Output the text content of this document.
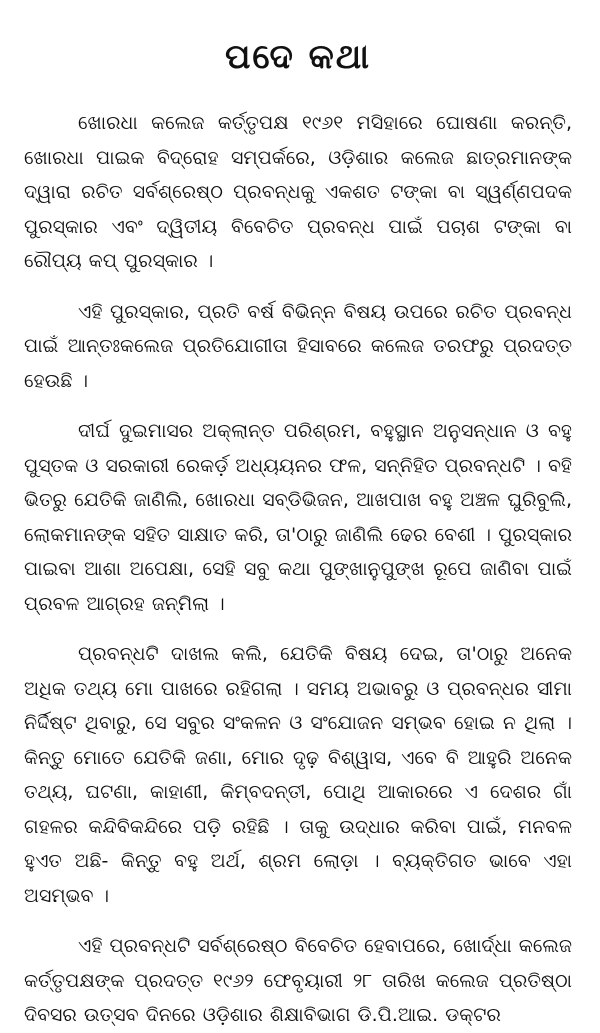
ପଦେ କଥା

ଖୋରଧା କଲେଜ କର୍ତ୍ତୃପକ୍ଷ ୧୯୬୧ ମସିହାରେ ଘୋଷଣା କରନ୍ତି, ଖୋରଧା ପାଇକ ବିଦ୍ରୋହ ସମ୍ପର୍କରେ, ଓଡ଼ିଶାର କଲେଜ ଛାତ୍ରମାନଙ୍କ ଦ୍ୱାରା ରଚିତ ସର୍ବଶ୍ରେଷ୍ଠ ପ୍ରବନ୍ଧକୁ ଏକଶତ ଟଙ୍କା ବା ସ୍ୱର୍ଣ୍ଣପଦକ ପୁରସ୍କାର ଏବଂ ଦ୍ୱିତୀୟ ବିବେଚିତ ପ୍ରବନ୍ଧ ପାଇଁ ପଚାଶ ଟଙ୍କା ବା ରୌପ୍ୟ କପ୍ ପୁରସ୍କାର ।

ଏହି ପୁରସ୍କାର, ପ୍ରତି ବର୍ଷ ବିଭିନ୍ନ ବିଷୟ ଉପରେ ରଚିତ ପ୍ରବନ୍ଧ ପାଇଁ ଆନ୍ତଃକଲେଜ ପ୍ରତିଯୋଗୀତା ହିସାବରେ କଲେଜ ତରଫରୁ ପ୍ରଦତ୍ତ ହେଉଛି ।

ଦୀର୍ଘ ଦୁଇମାସର ଅକ୍ଲାନ୍ତ ପରିଶ୍ରମ, ବହୁସ୍ଥାନ ଅନୁସନ୍ଧାନ ଓ ବହୁ ପୁସ୍ତକ ଓ ସରକାରୀ ରେକର୍ଡ଼ ଅଧ୍ୟୟନର ଫଳ, ସନ୍ନିହିତ ପ୍ରବନ୍ଧଟି । ବହି ଭିତରୁ ଯେତିକି ଜାଣିଲି, ଖୋରଧା ସବ୍‌ଡିଭିଜନ, ଆଖପାଖ ବହୁ ଅଞ୍ଚଳ ଘୁରିବୁଲି, ଲୋକମାନଙ୍କ ସହିତ ସାକ୍ଷାତ କରି, ତା'ଠାରୁ ଜାଣିଲି ଢେର ବେଶୀ । ପୁରସ୍କାର ପାଇବା ଆଶା ଅପେକ୍ଷା, ସେହି ସବୁ କଥା ପୁଙ୍ଖାନୁପୁଙ୍ଖ ରୂପେ ଜାଣିବା ପାଇଁ ପ୍ରବଳ ଆଗ୍ରହ ଜନ୍ମିଲା ।

ପ୍ରବନ୍ଧଟି ଦାଖଲ କଲି, ଯେତିକି ବିଷୟ ଦେଇ, ତା'ଠାରୁ ଅନେକ ଅଧିକ ତଥ୍ୟ ମୋ ପାଖରେ ରହିଗଲା । ସମୟ ଅଭାବରୁ ଓ ପ୍ରବନ୍ଧର ସୀମା ନିର୍ଦ୍ଦିଷ୍ଟ ଥିବାରୁ, ସେ ସବୁର ସଂକଳନ ଓ ସଂଯୋଜନ ସମ୍ଭବ ହୋଇ ନ ଥିଲା । କିନ୍ତୁ ମୋତେ ଯେତିକି ଜଣା, ମୋର ଦୃଢ଼ ବିଶ୍ୱାସ, ଏବେ ବି ଆହୁରି ଅନେକ ତଥ୍ୟ, ଘଟଣା, କାହାଣୀ, କିମ୍ବଦନ୍ତୀ, ପୋଥି ଆକାରରେ ଏ ଦେଶର ଗାଁ ଗହଳର କନ୍ଦିବିକନ୍ଦିରେ ପଡ଼ି ରହିଛି । ତାକୁ ଉଦ୍ଧାର କରିବା ପାଇଁ, ମନବଳ ହୁଏତ ଅଛି- କିନ୍ତୁ ବହୁ ଅର୍ଥ, ଶ୍ରମ ଲୋଡ଼ା । ବ୍ୟକ୍ତିଗତ ଭାବେ ଏହା ଅସମ୍ଭବ ।

ଏହି ପ୍ରବନ୍ଧଟି ସର୍ବଶ୍ରେଷ୍ଠ ବିବେଚିତ ହେବାପରେ, ଖୋର୍ଦ୍ଧା କଲେଜ କର୍ତ୍ତୃପକ୍ଷଙ୍କ ପ୍ରଦତ୍ତ ୧୯୬୨ ଫେବୃୟାରୀ ୨୮ ତାରିଖ କଲେଜ ପ୍ରତିଷ୍ଠା ଦିବସର ଉତ୍ସବ ଦିନରେ ଓଡ଼ିଶାର ଶିକ୍ଷାବିଭାଗ ଡି.ପି.ଆଇ. ଡକ୍ଟର
